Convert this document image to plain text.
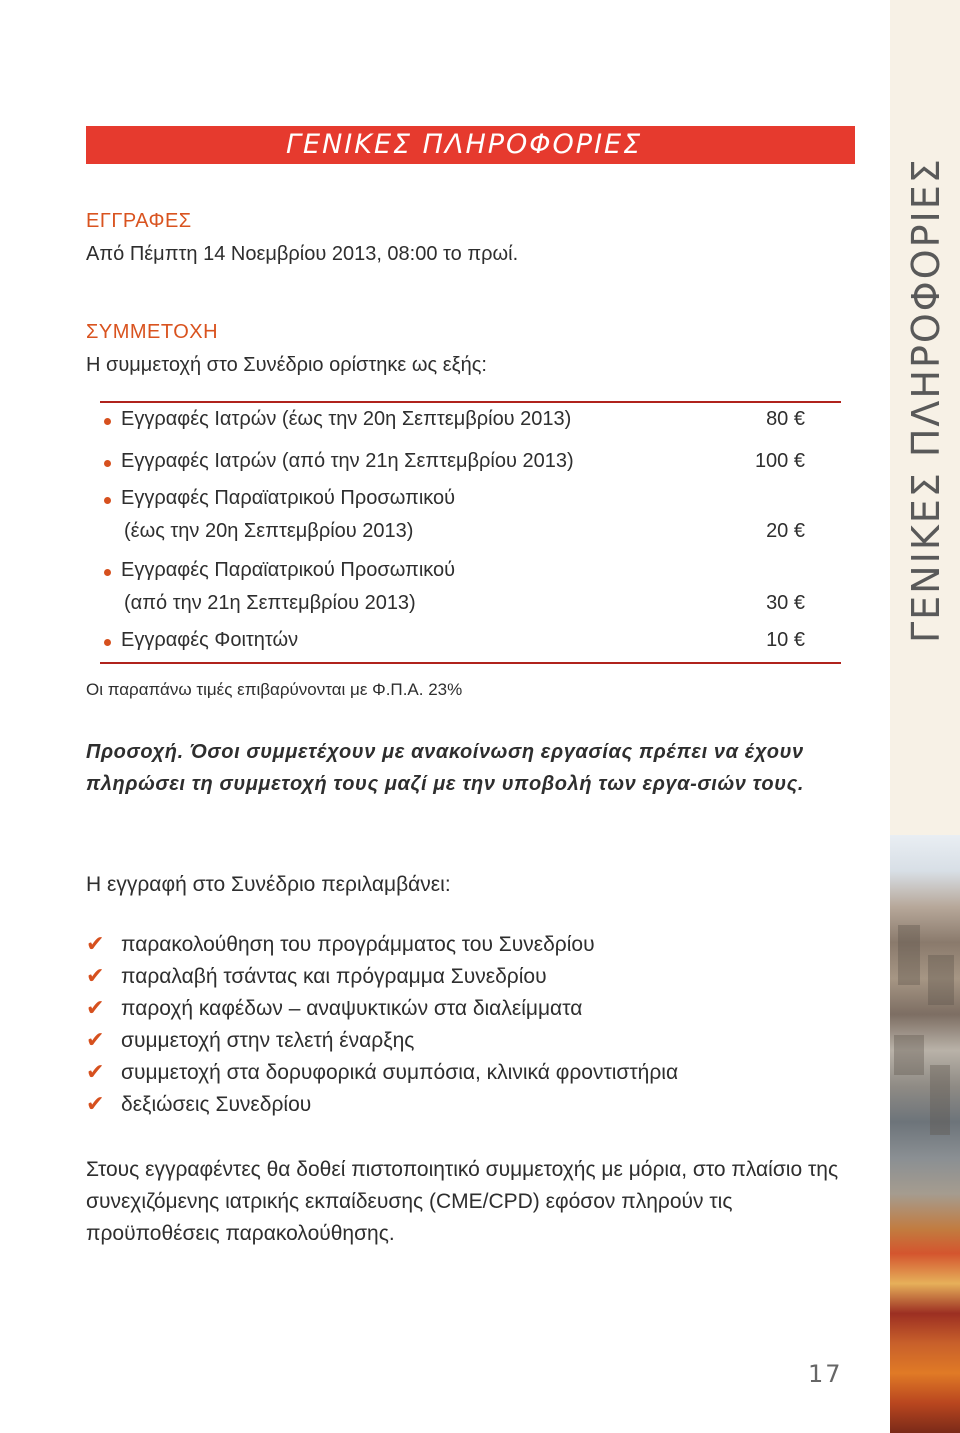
ΓΕΝΙΚΕΣ ΠΛΗΡΟΦΟΡΙΕΣ
ΕΓΓΡΑΦΕΣ
Από Πέμπτη 14 Νοεμβρίου 2013, 08:00 το πρωί.
ΣΥΜΜΕΤΟΧΗ
Η συμμετοχή στο Συνέδριο ορίστηκε ως εξής:
Εγγραφές Ιατρών (έως την 20η Σεπτεμβρίου 2013)	80 €
Εγγραφές Ιατρών (από την 21η Σεπτεμβρίου 2013)	100 €
Εγγραφές Παραϊατρικού Προσωπικού
(έως την 20η Σεπτεμβρίου 2013)	20 €
Εγγραφές Παραϊατρικού Προσωπικού
(από την 21η Σεπτεμβρίου 2013)	30 €
Εγγραφές Φοιτητών	10 €
Οι παραπάνω τιμές επιβαρύνονται με Φ.Π.Α. 23%
Προσοχή. Όσοι συμμετέχουν με ανακοίνωση εργασίας πρέπει να έχουν πληρώσει τη συμμετοχή τους μαζί με την υποβολή των εργα-σιών τους.
Η εγγραφή στο Συνέδριο περιλαμβάνει:
✔ παρακολούθηση του προγράμματος του Συνεδρίου
✔ παραλαβή τσάντας και πρόγραμμα Συνεδρίου
✔ παροχή καφέδων – αναψυκτικών στα διαλείμματα
✔ συμμετοχή στην τελετή έναρξης
✔ συμμετοχή στα δορυφορικά συμπόσια, κλινικά φροντιστήρια
✔ δεξιώσεις Συνεδρίου
Στους εγγραφέντες θα δοθεί πιστοποιητικό συμμετοχής με μόρια, στο πλαίσιο της συνεχιζόμενης ιατρικής εκπαίδευσης (CME/CPD) εφόσον πληρούν τις προϋποθέσεις παρακολούθησης.
17
ΓΕΝΙΚΕΣ ΠΛΗΡΟΦΟΡΙΕΣ
